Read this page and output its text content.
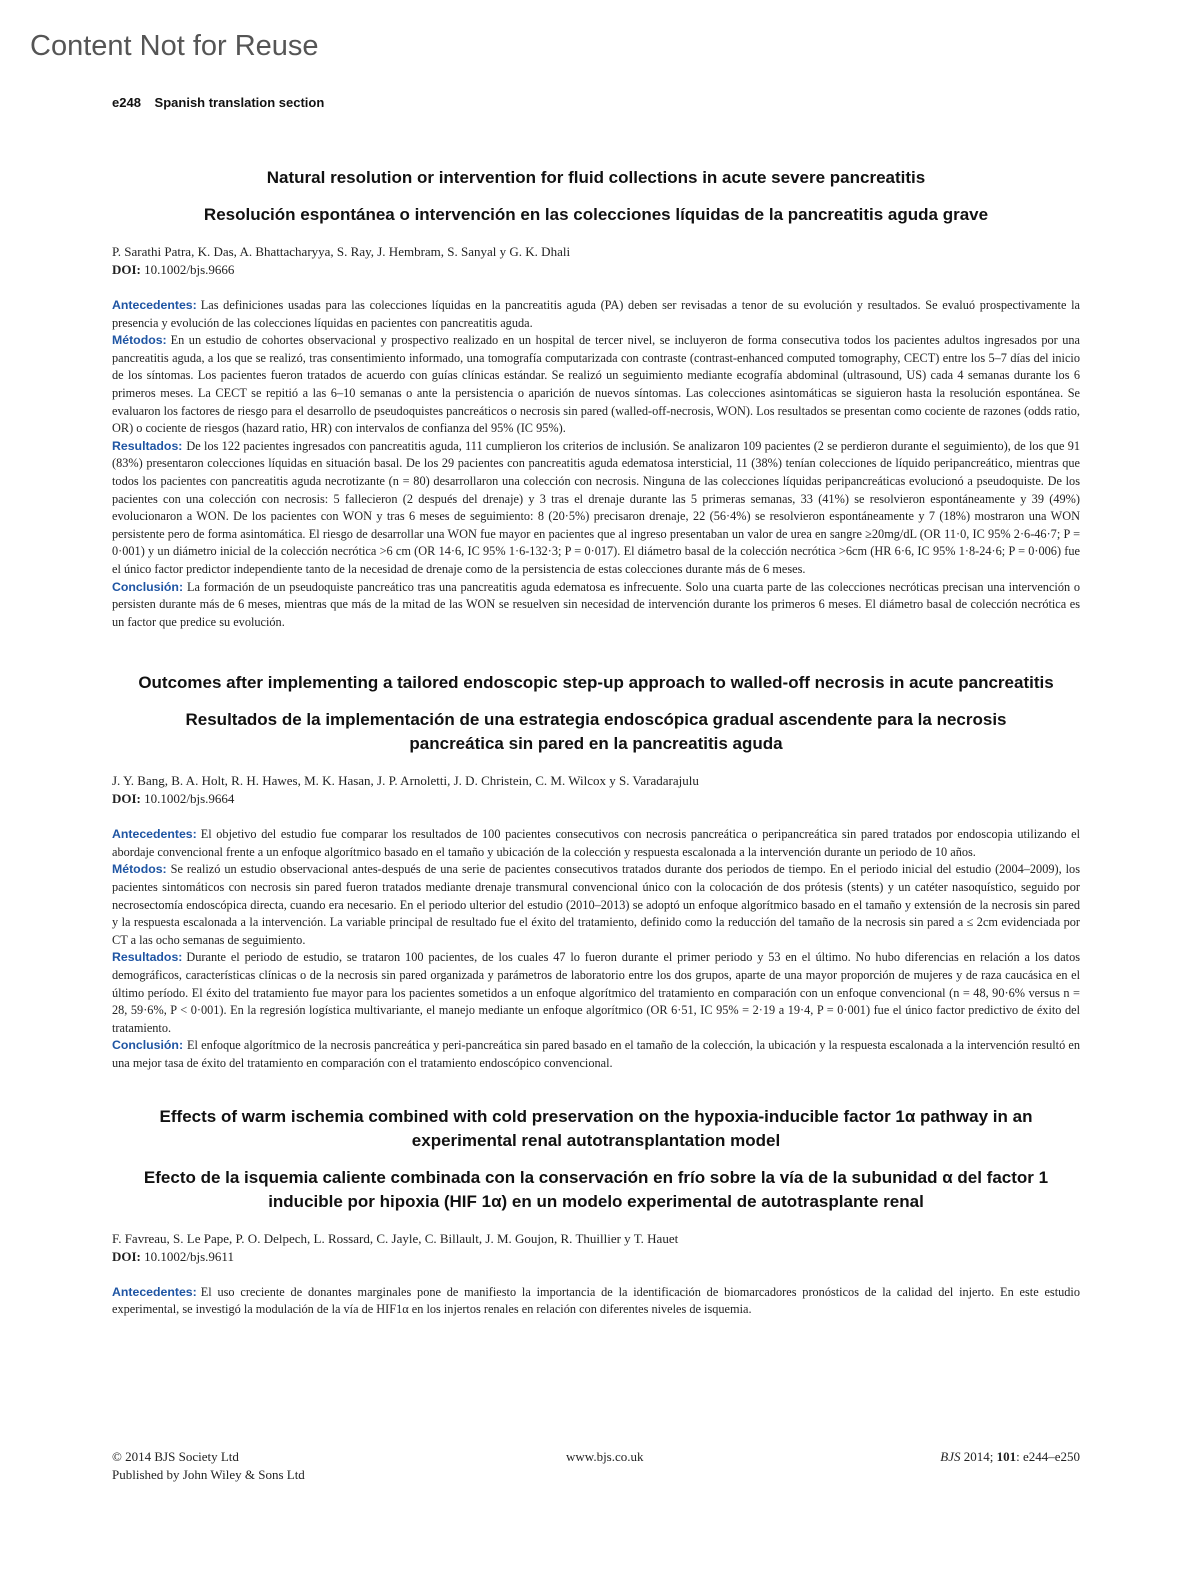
Content Not for Reuse
e248 Spanish translation section
Natural resolution or intervention for fluid collections in acute severe pancreatitis
Resolución espontánea o intervención en las colecciones líquidas de la pancreatitis aguda grave
P. Sarathi Patra, K. Das, A. Bhattacharyya, S. Ray, J. Hembram, S. Sanyal y G. K. Dhali
DOI: 10.1002/bjs.9666

Antecedentes: Las definiciones usadas para las colecciones líquidas en la pancreatitis aguda (PA) deben ser revisadas a tenor de su evolución y resultados. Se evaluó prospectivamente la presencia y evolución de las colecciones líquidas en pacientes con pancreatitis aguda.

Métodos: En un estudio de cohortes observacional y prospectivo realizado en un hospital de tercer nivel, se incluyeron de forma consecutiva todos los pacientes adultos ingresados por una pancreatitis aguda, a los que se realizó, tras consentimiento informado, una tomografía computarizada con contraste (contrast-enhanced computed tomography, CECT) entre los 5–7 días del inicio de los síntomas. Los pacientes fueron tratados de acuerdo con guías clínicas estándar. Se realizó un seguimiento mediante ecografía abdominal (ultrasound, US) cada 4 semanas durante los 6 primeros meses. La CECT se repitió a las 6–10 semanas o ante la persistencia o aparición de nuevos síntomas. Las colecciones asintomáticas se siguieron hasta la resolución espontánea. Se evaluaron los factores de riesgo para el desarrollo de pseudoquistes pancreáticos o necrosis sin pared (walled-off-necrosis, WON). Los resultados se presentan como cociente de razones (odds ratio, OR) o cociente de riesgos (hazard ratio, HR) con intervalos de confianza del 95% (IC 95%).

Resultados: De los 122 pacientes ingresados con pancreatitis aguda, 111 cumplieron los criterios de inclusión. Se analizaron 109 pacientes (2 se perdieron durante el seguimiento), de los que 91 (83%) presentaron colecciones líquidas en situación basal. De los 29 pacientes con pancreatitis aguda edematosa intersticial, 11 (38%) tenían colecciones de líquido peripancreático, mientras que todos los pacientes con pancreatitis aguda necrotizante (n = 80) desarrollaron una colección con necrosis. Ninguna de las colecciones líquidas peripancreáticas evolucionó a pseudoquiste. De los pacientes con una colección con necrosis: 5 fallecieron (2 después del drenaje) y 3 tras el drenaje durante las 5 primeras semanas, 33 (41%) se resolvieron espontáneamente y 39 (49%) evolucionaron a WON. De los pacientes con WON y tras 6 meses de seguimiento: 8 (20·5%) precisaron drenaje, 22 (56·4%) se resolvieron espontáneamente y 7 (18%) mostraron una WON persistente pero de forma asintomática. El riesgo de desarrollar una WON fue mayor en pacientes que al ingreso presentaban un valor de urea en sangre ≥20mg/dL (OR 11·0, IC 95% 2·6-46·7; P = 0·001) y un diámetro inicial de la colección necrótica >6 cm (OR 14·6, IC 95% 1·6-132·3; P = 0·017). El diámetro basal de la colección necrótica >6cm (HR 6·6, IC 95% 1·8-24·6; P = 0·006) fue el único factor predictor independiente tanto de la necesidad de drenaje como de la persistencia de estas colecciones durante más de 6 meses.

Conclusión: La formación de un pseudoquiste pancreático tras una pancreatitis aguda edematosa es infrecuente. Solo una cuarta parte de las colecciones necróticas precisan una intervención o persisten durante más de 6 meses, mientras que más de la mitad de las WON se resuelven sin necesidad de intervención durante los primeros 6 meses. El diámetro basal de colección necrótica es un factor que predice su evolución.

Outcomes after implementing a tailored endoscopic step-up approach to walled-off necrosis in acute pancreatitis
Resultados de la implementación de una estrategia endoscópica gradual ascendente para la necrosis pancreática sin pared en la pancreatitis aguda
J. Y. Bang, B. A. Holt, R. H. Hawes, M. K. Hasan, J. P. Arnoletti, J. D. Christein, C. M. Wilcox y S. Varadarajulu
DOI: 10.1002/bjs.9664

Antecedentes: El objetivo del estudio fue comparar los resultados de 100 pacientes consecutivos con necrosis pancreática o peripancreática sin pared tratados por endoscopia utilizando el abordaje convencional frente a un enfoque algorítmico basado en el tamaño y ubicación de la colección y respuesta escalonada a la intervención durante un periodo de 10 años.

Métodos: Se realizó un estudio observacional antes-después de una serie de pacientes consecutivos tratados durante dos periodos de tiempo. En el periodo inicial del estudio (2004–2009), los pacientes sintomáticos con necrosis sin pared fueron tratados mediante drenaje transmural convencional único con la colocación de dos prótesis (stents) y un catéter nasoquístico, seguido por necrosectomía endoscópica directa, cuando era necesario. En el periodo ulterior del estudio (2010–2013) se adoptó un enfoque algorítmico basado en el tamaño y extensión de la necrosis sin pared y la respuesta escalonada a la intervención. La variable principal de resultado fue el éxito del tratamiento, definido como la reducción del tamaño de la necrosis sin pared a ≤ 2cm evidenciada por CT a las ocho semanas de seguimiento.

Resultados: Durante el periodo de estudio, se trataron 100 pacientes, de los cuales 47 lo fueron durante el primer periodo y 53 en el último. No hubo diferencias en relación a los datos demográficos, características clínicas o de la necrosis sin pared organizada y parámetros de laboratorio entre los dos grupos, aparte de una mayor proporción de mujeres y de raza caucásica en el último período. El éxito del tratamiento fue mayor para los pacientes sometidos a un enfoque algorítmico del tratamiento en comparación con un enfoque convencional (n = 48, 90·6% versus n = 28, 59·6%, P < 0·001). En la regresión logística multivariante, el manejo mediante un enfoque algorítmico (OR 6·51, IC 95% = 2·19 a 19·4, P = 0·001) fue el único factor predictivo de éxito del tratamiento.

Conclusión: El enfoque algorítmico de la necrosis pancreática y peri-pancreática sin pared basado en el tamaño de la colección, la ubicación y la respuesta escalonada a la intervención resultó en una mejor tasa de éxito del tratamiento en comparación con el tratamiento endoscópico convencional.

Effects of warm ischemia combined with cold preservation on the hypoxia-inducible factor 1α pathway in an experimental renal autotransplantation model
Efecto de la isquemia caliente combinada con la conservación en frío sobre la vía de la subunidad α del factor 1 inducible por hipoxia (HIF 1α) en un modelo experimental de autotrasplante renal
F. Favreau, S. Le Pape, P. O. Delpech, L. Rossard, C. Jayle, C. Billault, J. M. Goujon, R. Thuillier y T. Hauet
DOI: 10.1002/bjs.9611

Antecedentes: El uso creciente de donantes marginales pone de manifiesto la importancia de la identificación de biomarcadores pronósticos de la calidad del injerto. En este estudio experimental, se investigó la modulación de la vía de HIF1α en los injertos renales en relación con diferentes niveles de isquemia.

© 2014 BJS Society Ltd
Published by John Wiley & Sons Ltd
www.bjs.co.uk	BJS 2014; 101: e244–e250
